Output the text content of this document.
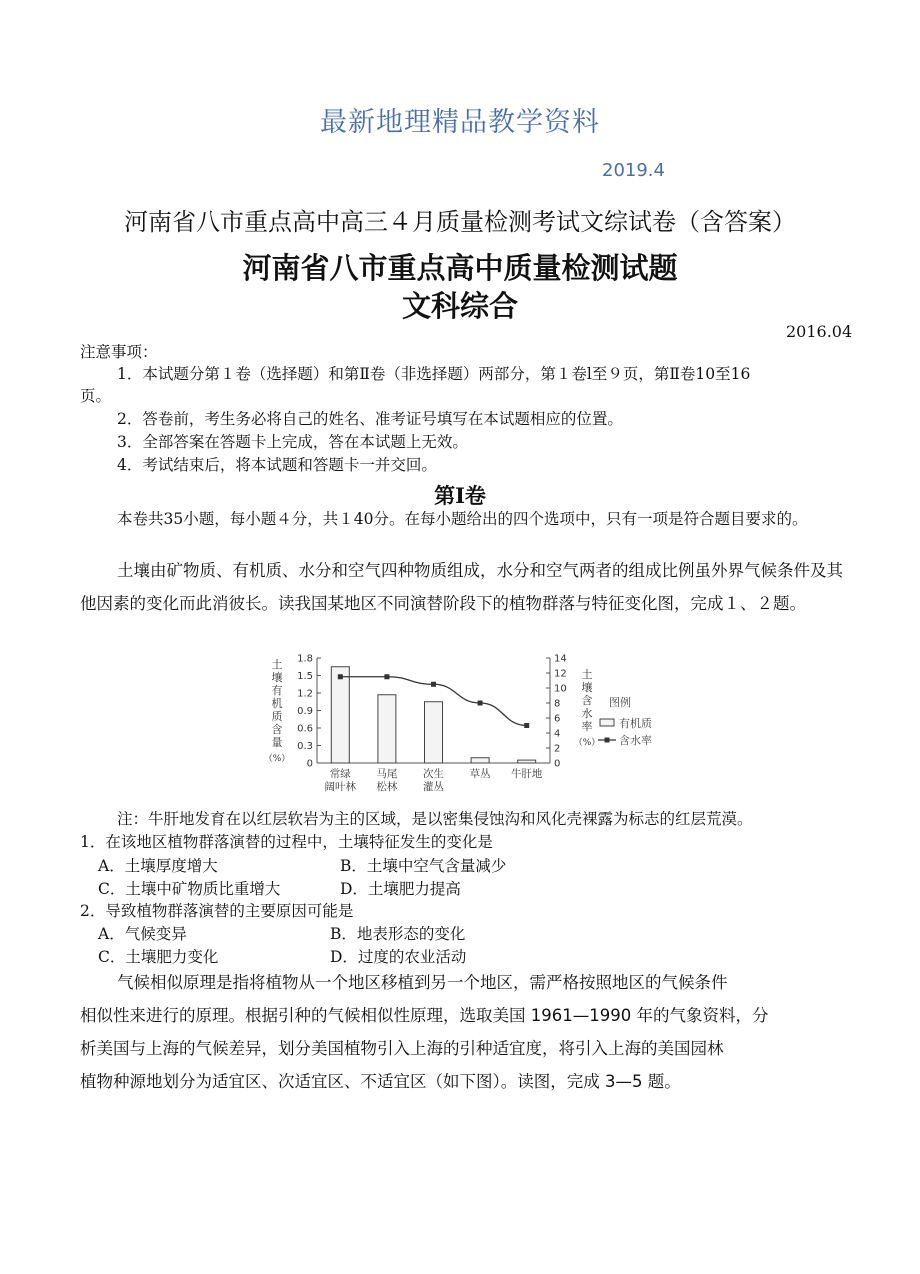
最新地理精品教学资料
2019.4
河南省八市重点高中高三４月质量检测考试文综试卷（含答案）
河南省八市重点高中质量检测试题
文科综合
2016.04
注意事项：
1．本试题分第１卷（选择题）和第Ⅱ卷（非选择题）两部分，第１卷l至９页，第Ⅱ卷10至16
页。
2．答卷前，考生务必将自己的姓名、准考证号填写在本试题相应的位置。
3．全部答案在答题卡上完成，答在本试题上无效。
4．考试结束后，将本试题和答题卡一并交回。
第Ⅰ卷
本卷共35小题，每小题４分，共１40分。在每小题给出的四个选项中，只有一项是符合题目要求的。
土壤由矿物质、有机质、水分和空气四种物质组成，水分和空气两者的组成比例虽外界气候条件及其他因素的变化而此消彼长。读我国某地区不同演替阶段下的植物群落与特征变化图，完成１、２题。
0
0.3
0.6
0.9
1.2
1.5
1.8
0
2
4
6
8
10
12
14
土
壤
有
机
质
含
量
（%）
土
壤
含
水
率
（%）
常绿
阔叶林
马尾
松林
次生
灌丛
草丛 牛肝地
图例
有机质
含水率
注：牛肝地发育在以红层软岩为主的区域，是以密集侵蚀沟和风化壳裸露为标志的红层荒漠。
1．在该地区植物群落演替的过程中，土壤特征发生的变化是
A．土壤厚度增大	B．土壤中空气含量减少
C．土壤中矿物质比重增大	D．土壤肥力提高
2．导致植物群落演替的主要原因可能是
A．气候变异	B．地表形态的变化
C．土壤肥力变化	D．过度的农业活动
气候相似原理是指将植物从一个地区移植到另一个地区，需严格按照地区的气候条件
相似性来进行的原理。根据引种的气候相似性原理，选取美国 1961—1990 年的气象资料，分
析美国与上海的气候差异，划分美国植物引入上海的引种适宜度，将引入上海的美国园林
植物种源地划分为适宜区、次适宜区、不适宜区（如下图）。读图，完成 3—5 题。
